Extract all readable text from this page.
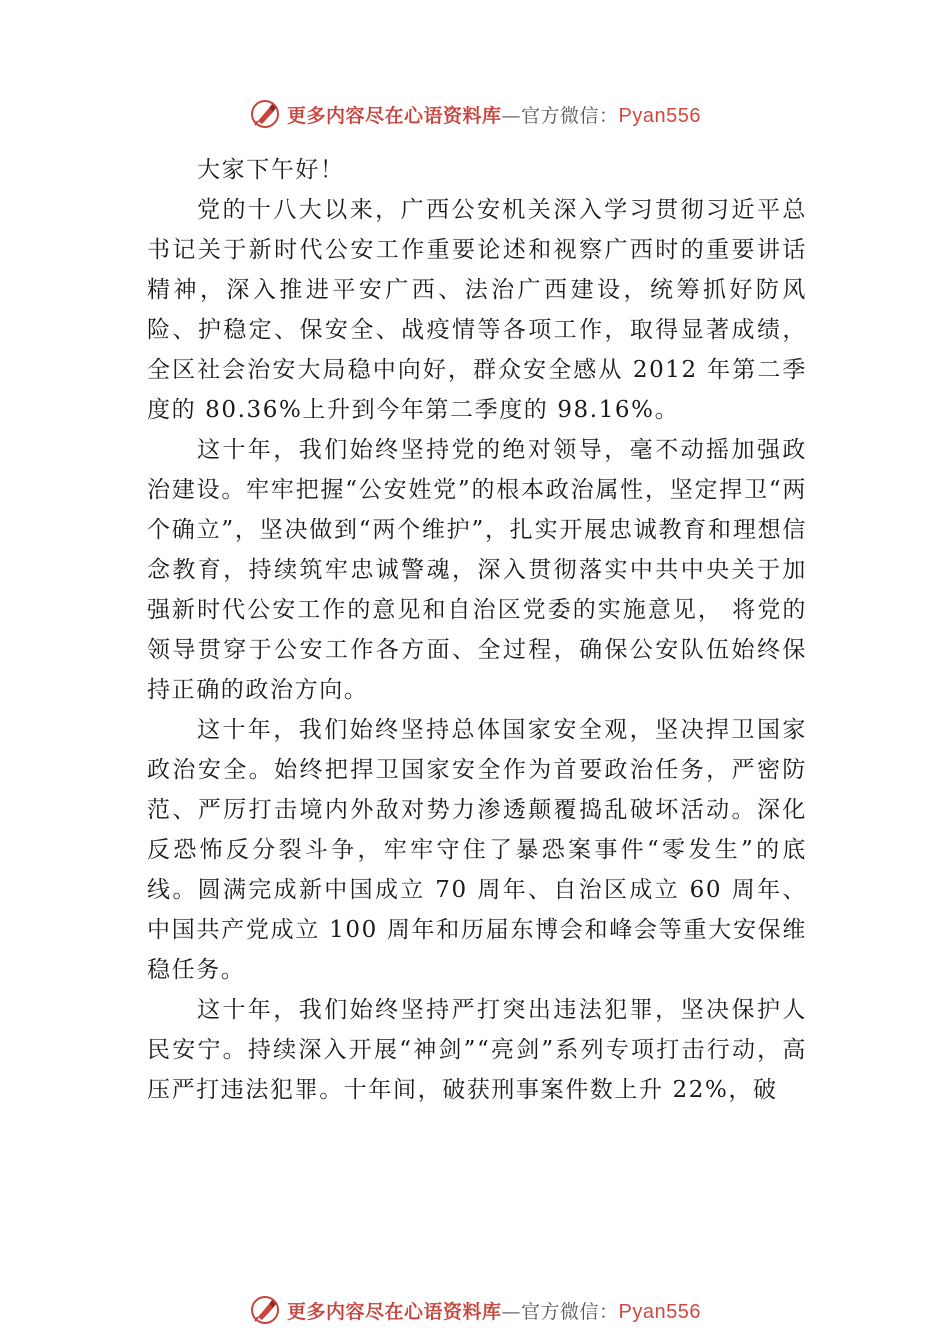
更多内容尽在心语资料库—官方微信：Pyan556

大家下午好！

党的十八大以来，广西公安机关深入学习贯彻习近平总书记关于新时代公安工作重要论述和视察广西时的重要讲话精神，深入推进平安广西、法治广西建设，统筹抓好防风险、护稳定、保安全、战疫情等各项工作，取得显著成绩， 全区社会治安大局稳中向好，群众安全感从 2012 年第二季度的 80.36%上升到今年第二季度的 98.16%。

这十年，我们始终坚持党的绝对领导，毫不动摇加强政治建设。牢牢把握“公安姓党”的根本政治属性，坚定捍卫“两个确立”，坚决做到“两个维护”，扎实开展忠诚教育和理想信念教育，持续筑牢忠诚警魂，深入贯彻落实中共中央关于加强新时代公安工作的意见和自治区党委的实施意见， 将党的领导贯穿于公安工作各方面、全过程，确保公安队伍始终保持正确的政治方向。

这十年，我们始终坚持总体国家安全观，坚决捍卫国家政治安全。始终把捍卫国家安全作为首要政治任务，严密防范、严厉打击境内外敌对势力渗透颠覆捣乱破坏活动。深化反恐怖反分裂斗争，牢牢守住了暴恐案事件“零发生”的底线。圆满完成新中国成立 70 周年、自治区成立 60 周年、中国共产党成立 100 周年和历届东博会和峰会等重大安保维稳任务。

这十年，我们始终坚持严打突出违法犯罪，坚决保护人民安宁。持续深入开展“神剑”“亮剑”系列专项打击行动，高压严打违法犯罪。十年间，破获刑事案件数上升 22%，破

更多内容尽在心语资料库—官方微信：Pyan556
